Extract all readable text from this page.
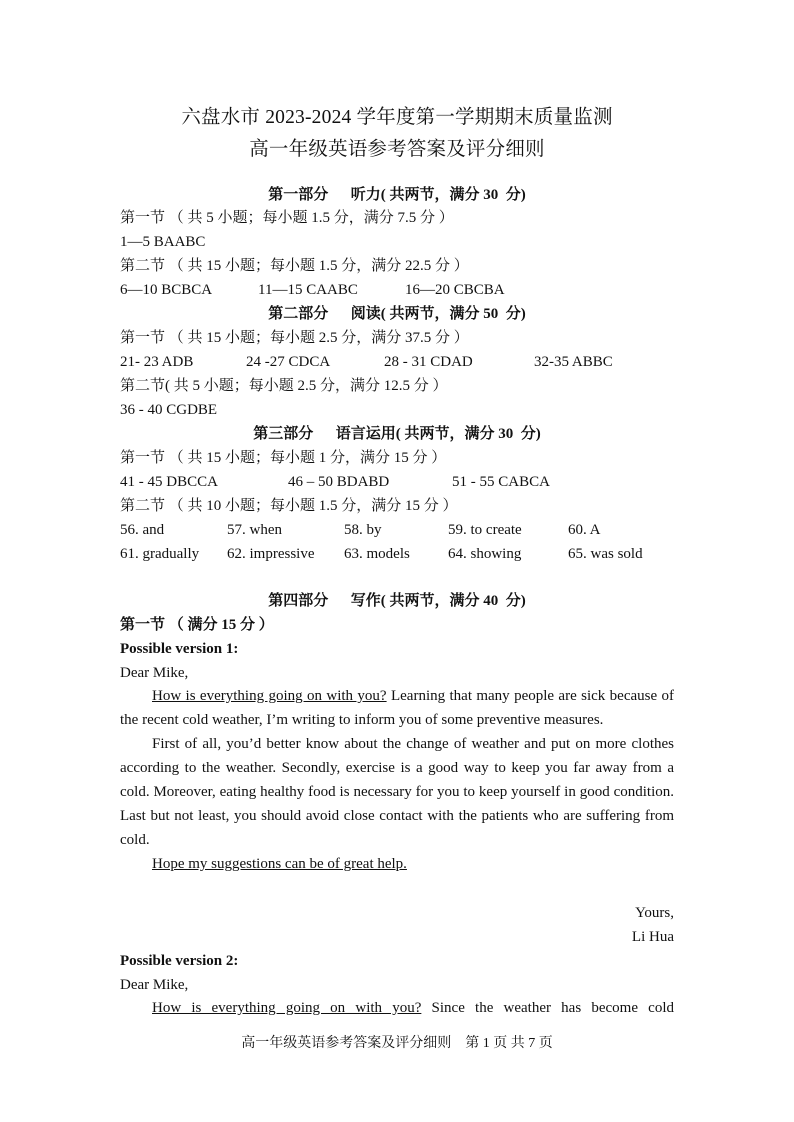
六盘水市 2023-2024 学年度第一学期期末质量监测
高一年级英语参考答案及评分细则
第一部分      听力( 共两节，满分 30  分)
第一节 （ 共 5 小题；每小题 1.5 分，满分 7.5 分 ）
1—5 BAABC
第二节 （ 共 15 小题；每小题 1.5 分，满分 22.5 分 ）
6—10 BCBCA	11—15 CAABC	16—20 CBCBA
第二部分      阅读( 共两节，满分 50  分)
第一节 （ 共 15 小题；每小题 2.5 分，满分 37.5 分 ）
21- 23 ADB	24 -27 CDCA	28 - 31 CDAD	32-35 ABBC
第二节( 共 5 小题；每小题 2.5 分，满分 12.5 分 ）
36 - 40 CGDBE
第三部分      语言运用( 共两节，满分 30  分)
第一节 （ 共 15 小题；每小题 1 分，满分 15 分 ）
41 - 45 DBCCA	46 – 50 BDABD	51 - 55 CABCA
第二节 （ 共 10 小题；每小题 1.5 分，满分 15 分 ）
56. and	57. when	58. by	59. to create	60. A
61. gradually 62. impressive 63. models	64. showing	65. was sold
第四部分      写作( 共两节，满分 40  分)
第一节 （ 满分 15 分 ）
Possible version 1:
Dear Mike,

How is everything going on with you? Learning that many people are sick because of the recent cold weather, I’m writing to inform you of some preventive measures.

First of all, you’d better know about the change of weather and put on more clothes according to the weather. Secondly, exercise is a good way to keep you far away from a cold. Moreover, eating healthy food is necessary for you to keep yourself in good condition. Last but not least, you should avoid close contact with the patients who are suffering from cold.

Hope my suggestions can be of great help.

Yours,
Li Hua
Possible version 2:
Dear Mike,

How is everything going on with you? Since the weather has become cold

高一年级英语参考答案及评分细则    第 1 页 共 7 页
